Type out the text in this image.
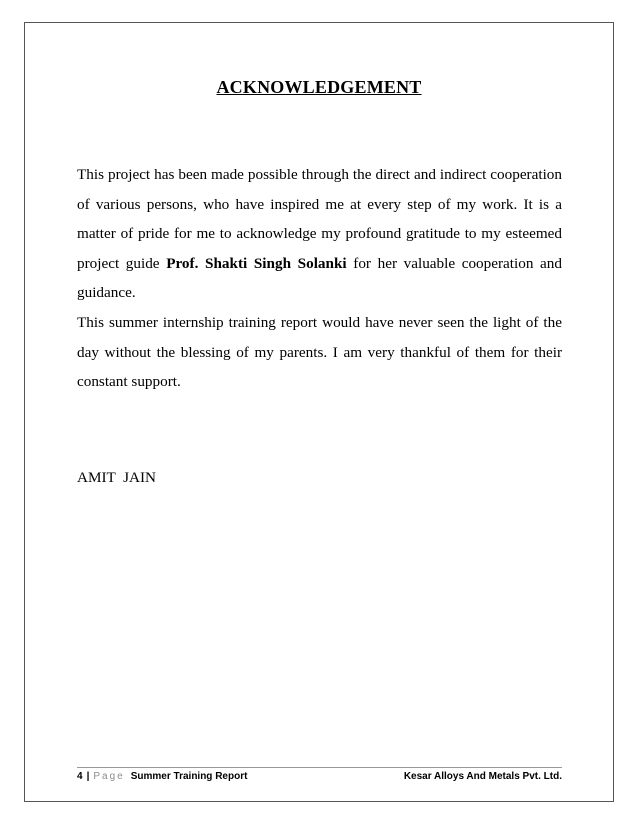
ACKNOWLEDGEMENT

This project has been made possible through the direct and indirect cooperation of various persons, who have inspired me at every step of my work. It is a matter of pride for me to acknowledge my profound gratitude to my esteemed project guide Prof. Shakti Singh Solanki for her valuable cooperation and guidance.

This summer internship training report would have never seen the light of the day without the blessing of my parents. I am very thankful of them for their constant support.

AMIT  JAIN
4 | Page Summer Training Report	Kesar Alloys And Metals Pvt. Ltd.
